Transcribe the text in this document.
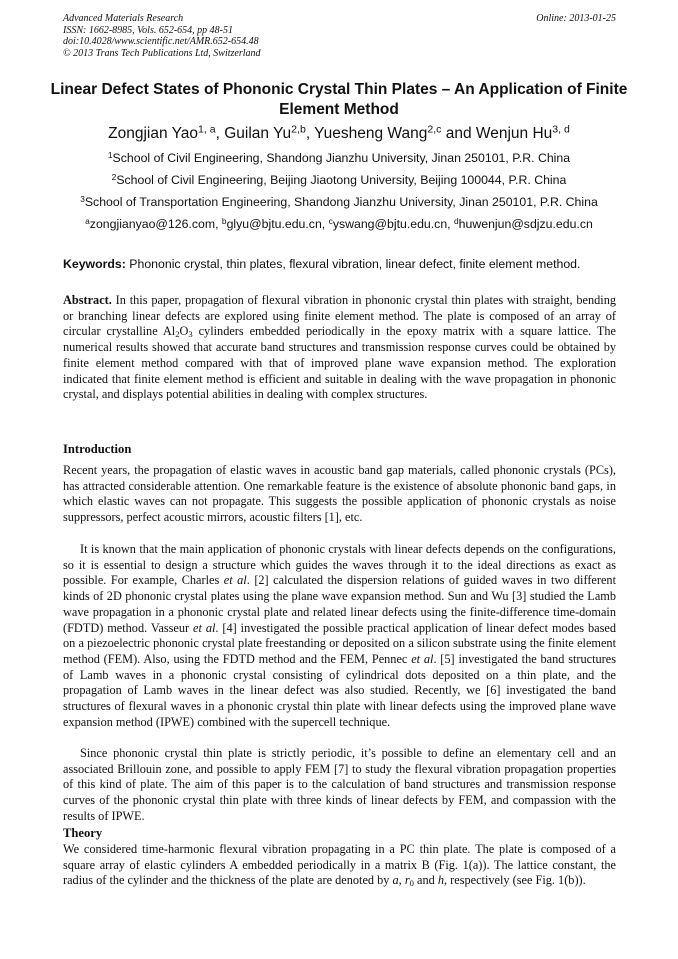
Advanced Materials Research
ISSN: 1662-8985, Vols. 652-654, pp 48-51
doi:10.4028/www.scientific.net/AMR.652-654.48
© 2013 Trans Tech Publications Ltd, Switzerland
Online: 2013-01-25
Linear Defect States of Phononic Crystal Thin Plates – An Application of Finite Element Method
Zongjian Yao$^{1, a}$, Guilan Yu$^{2,b}$, Yuesheng Wang$^{2,c}$ and Wenjun Hu$^{3, d}$
$^1$School of Civil Engineering, Shandong Jianzhu University, Jinan 250101, P.R. China
$^2$School of Civil Engineering, Beijing Jiaotong University, Beijing 100044, P.R. China
$^3$School of Transportation Engineering, Shandong Jianzhu University, Jinan 250101, P.R. China
$^a$zongjianyao@126.com, $^b$glyu@bjtu.edu.cn, $^c$yswang@bjtu.edu.cn, $^d$huwenjun@sdjzu.edu.cn
Keywords: Phononic crystal, thin plates, flexural vibration, linear defect, finite element method.
Abstract. In this paper, propagation of flexural vibration in phononic crystal thin plates with straight, bending or branching linear defects are explored using finite element method. The plate is composed of an array of circular crystalline $Al_2O_3$ cylinders embedded periodically in the epoxy matrix with a square lattice. The numerical results showed that accurate band structures and transmission response curves could be obtained by finite element method compared with that of improved plane wave expansion method. The exploration indicated that finite element method is efficient and suitable in dealing with the wave propagation in phononic crystal, and displays potential abilities in dealing with complex structures.
Introduction
Recent years, the propagation of elastic waves in acoustic band gap materials, called phononic crystals (PCs), has attracted considerable attention. One remarkable feature is the existence of absolute phononic band gaps, in which elastic waves can not propagate. This suggests the possible application of phononic crystals as noise suppressors, perfect acoustic mirrors, acoustic filters [1], etc.
It is known that the main application of phononic crystals with linear defects depends on the configurations, so it is essential to design a structure which guides the waves through it to the ideal directions as exact as possible. For example, Charles et al. [2] calculated the dispersion relations of guided waves in two different kinds of 2D phononic crystal plates using the plane wave expansion method. Sun and Wu [3] studied the Lamb wave propagation in a phononic crystal plate and related linear defects using the finite-difference time-domain (FDTD) method. Vasseur et al. [4] investigated the possible practical application of linear defect modes based on a piezoelectric phononic crystal plate freestanding or deposited on a silicon substrate using the finite element method (FEM). Also, using the FDTD method and the FEM, Pennec et al. [5] investigated the band structures of Lamb waves in a phononic crystal consisting of cylindrical dots deposited on a thin plate, and the propagation of Lamb waves in the linear defect was also studied. Recently, we [6] investigated the band structures of flexural waves in a phononic crystal thin plate with linear defects using the improved plane wave expansion method (IPWE) combined with the supercell technique.
Since phononic crystal thin plate is strictly periodic, it’s possible to define an elementary cell and an associated Brillouin zone, and possible to apply FEM [7] to study the flexural vibration propagation properties of this kind of plate. The aim of this paper is to the calculation of band structures and transmission response curves of the phononic crystal thin plate with three kinds of linear defects by FEM, and compassion with the results of IPWE.
Theory
We considered time-harmonic flexural vibration propagating in a PC thin plate. The plate is composed of a square array of elastic cylinders A embedded periodically in a matrix B (Fig. 1(a)). The lattice constant, the radius of the cylinder and the thickness of the plate are denoted by a, $r_0$ and h, respectively (see Fig. 1(b)).
